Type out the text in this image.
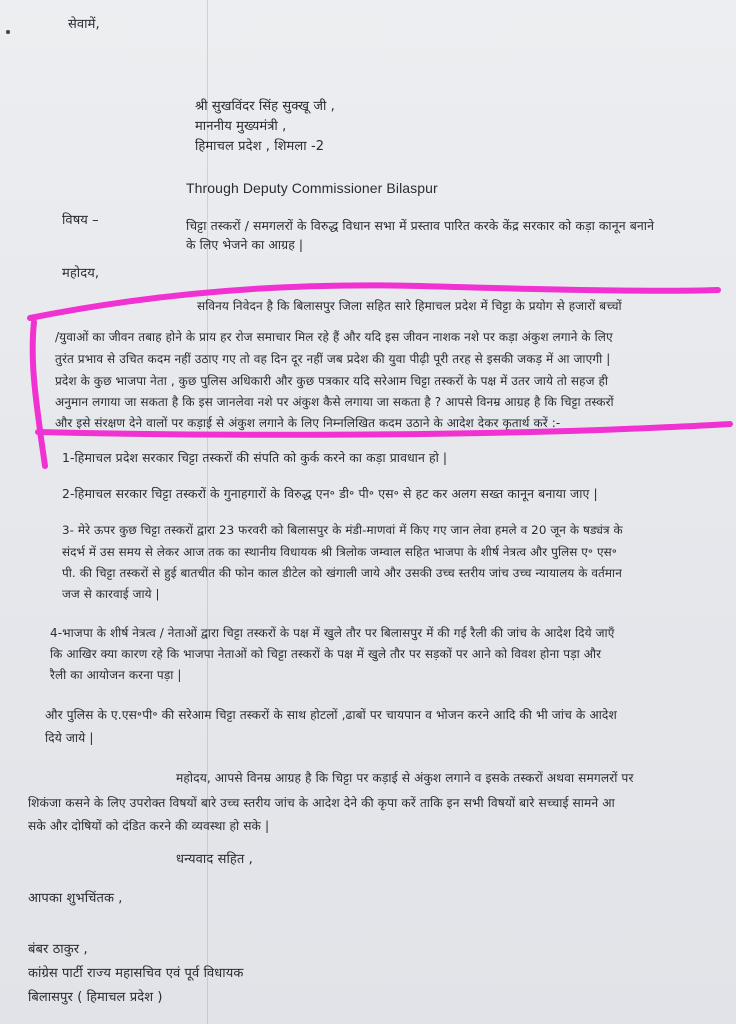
सेवामें,
श्री सुखविंदर सिंह सुक्खू जी ,
माननीय मुख्यमंत्री ,
हिमाचल प्रदेश , शिमला -2
Through Deputy Commissioner Bilaspur
विषय –	चिट्टा तस्करों / समगलरों के विरुद्ध विधान सभा में प्रस्ताव पारित करके केंद्र सरकार को कड़ा कानून बनाने
के लिए भेजने का आग्रह |
महोदय,
सविनय निवेदन है कि बिलासपुर जिला सहित सारे हिमाचल प्रदेश में चिट्टा के प्रयोग से हजारों बच्चों
/युवाओं का जीवन तबाह होने के प्राय हर रोज समाचार मिल रहे हैं और यदि इस जीवन नाशक नशे पर कड़ा अंकुश लगाने के लिए
तुरंत प्रभाव से उचित कदम नहीं उठाए गए तो वह दिन दूर नहीं जब प्रदेश की युवा पीढ़ी पूरी तरह से इसकी जकड़ में आ जाएगी |
प्रदेश के कुछ भाजपा नेता , कुछ पुलिस अधिकारी और कुछ पत्रकार यदि सरेआम चिट्टा तस्करों के पक्ष में उतर जाये तो सहज ही
अनुमान लगाया जा सकता है कि इस जानलेवा नशे पर अंकुश कैसे लगाया जा सकता है ? आपसे विनम्र आग्रह है कि चिट्टा तस्करों
और इसे संरक्षण देने वालों पर कड़ाई से अंकुश लगाने के लिए निम्नलिखित कदम उठाने के आदेश देकर कृतार्थ करें :-
1-हिमाचल प्रदेश सरकार चिट्टा तस्करों की संपति को कुर्क करने का कड़ा प्रावधान हो |
2-हिमाचल सरकार चिट्टा तस्करों के गुनाहगारों के विरुद्ध एन॰ डी॰ पी॰ एस॰ से हट कर अलग सख्त कानून बनाया जाए |
3- मेरे ऊपर कुछ चिट्टा तस्करों द्वारा 23 फरवरी को बिलासपुर के मंडी-माणवां में किए गए जान लेवा हमले व 20 जून के षड्यंत्र के
संदर्भ में उस समय से लेकर आज तक का स्थानीय विधायक श्री त्रिलोक जम्वाल सहित भाजपा के शीर्ष नेत्रत्व और पुलिस ए॰ एस॰
पी. की चिट्टा तस्करों से हुई बातचीत की फोन काल डीटेल को खंगाली जाये और उसकी उच्च स्तरीय जांच उच्च न्यायालय के वर्तमान
जज से कारवाई जाये |
4-भाजपा के शीर्ष नेत्रत्व / नेताओं द्वारा चिट्टा तस्करों के पक्ष में खुले तौर पर बिलासपुर में की गई रैली की जांच के आदेश दिये जाएँ
कि आखिर क्या कारण रहे कि भाजपा नेताओं को चिट्टा तस्करों के पक्ष में खुले तौर पर सड़कों पर आने को विवश होना पड़ा और
रैली का आयोजन करना पड़ा |
और पुलिस के ए.एस॰पी॰ की सरेआम चिट्टा तस्करों के साथ होटलों ,ढाबों पर चायपान व भोजन करने आदि की भी जांच के आदेश
दिये जाये |
महोदय, आपसे विनम्र आग्रह है कि चिट्टा पर कड़ाई से अंकुश लगाने व इसके तस्करों अथवा समगलरों पर
शिकंजा कसने के लिए उपरोक्त विषयों बारे उच्च स्तरीय जांच के आदेश देने की कृपा करें ताकि इन सभी विषयों बारे सच्चाई सामने आ
सके और दोषियों को दंडित करने की व्यवस्था हो सके |
धन्यवाद सहित ,
आपका शुभचिंतक ,
बंबर ठाकुर ,
कांग्रेस पार्टी राज्य महासचिव एवं पूर्व विधायक
बिलासपुर ( हिमाचल प्रदेश )
